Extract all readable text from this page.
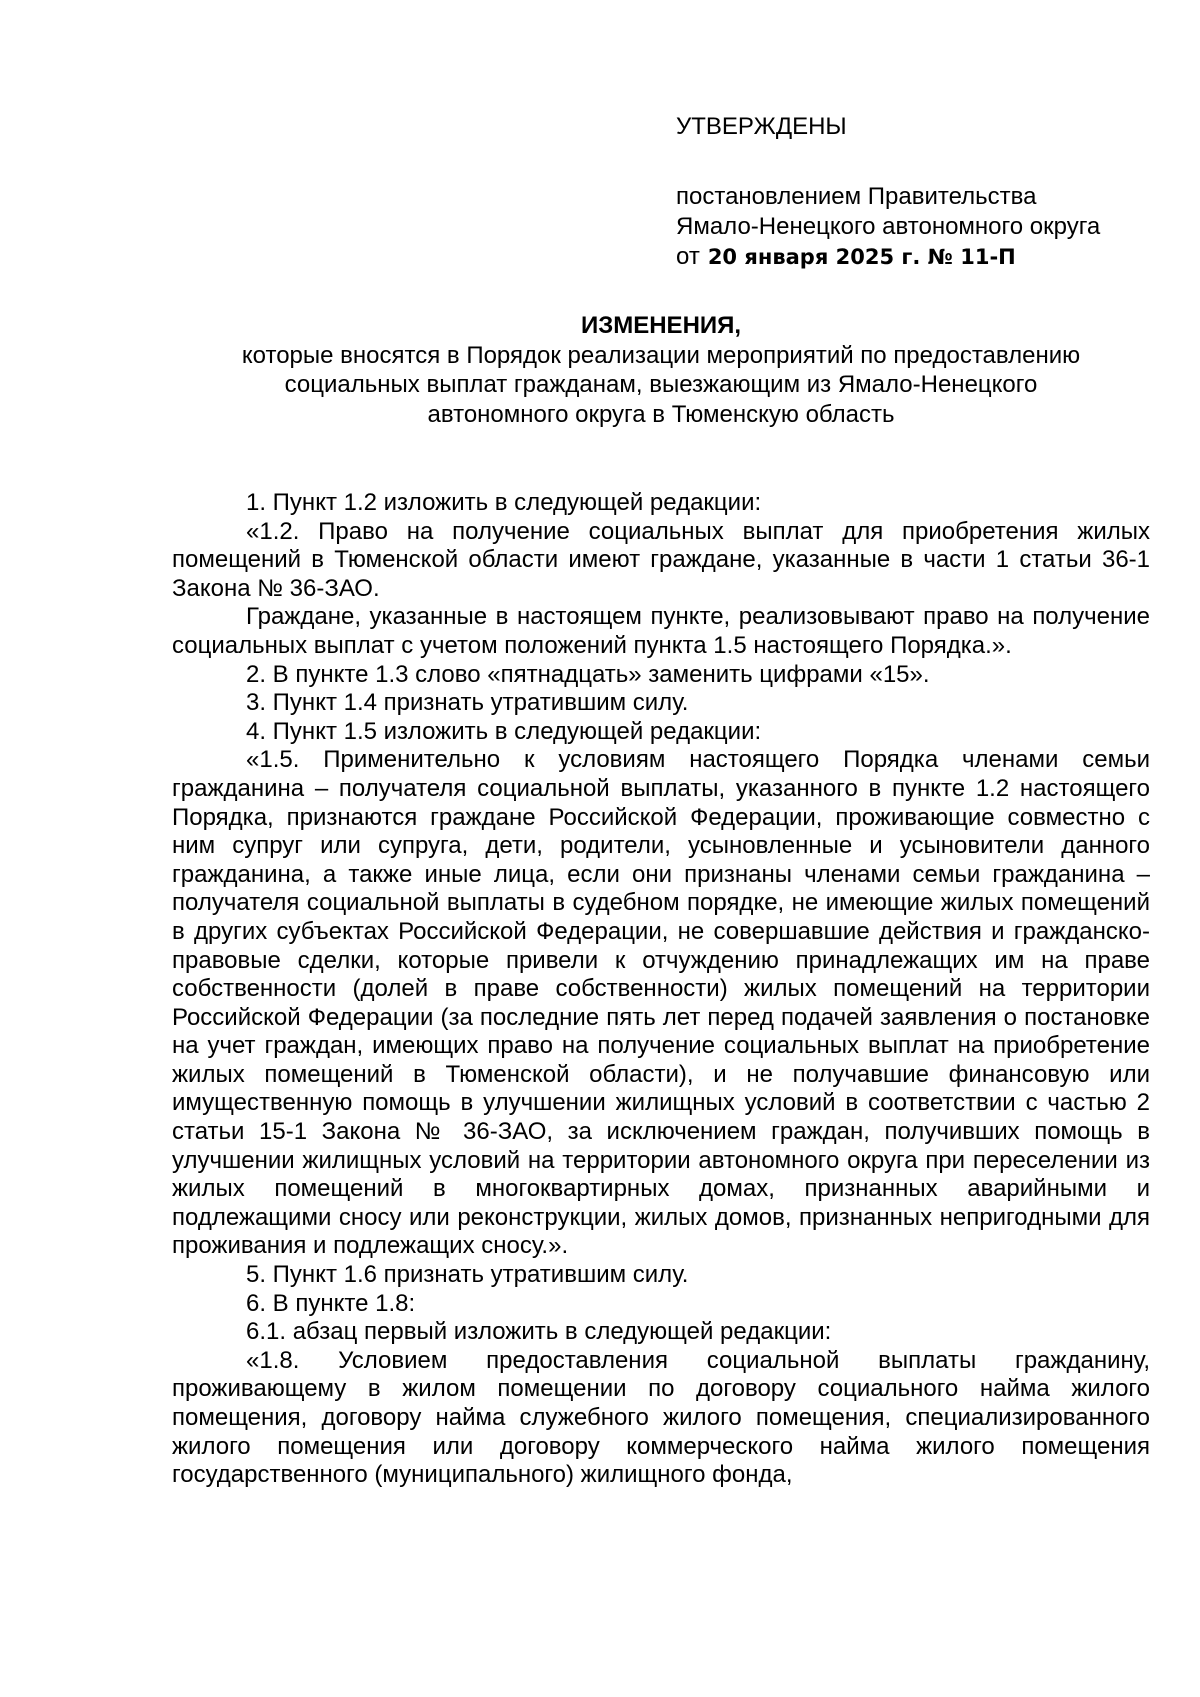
УТВЕРЖДЕНЫ
постановлением Правительства
Ямало-Ненецкого автономного округа
от 20 января 2025 г. № 11-П
ИЗМЕНЕНИЯ,
которые вносятся в Порядок реализации мероприятий по предоставлению
социальных выплат гражданам, выезжающим из Ямало-Ненецкого
автономного округа в Тюменскую область

1. Пункт 1.2 изложить в следующей редакции:

«1.2. Право на получение социальных выплат для приобретения жилых помещений в Тюменской области имеют граждане, указанные в части 1 статьи 36-1 Закона № 36-ЗАО.

Граждане, указанные в настоящем пункте, реализовывают право на получение социальных выплат с учетом положений пункта 1.5 настоящего Порядка.».

2. В пункте 1.3 слово «пятнадцать» заменить цифрами «15».

3. Пункт 1.4 признать утратившим силу.

4. Пункт 1.5 изложить в следующей редакции:

«1.5. Применительно к условиям настоящего Порядка членами семьи гражданина – получателя социальной выплаты, указанного в пункте 1.2 настоящего Порядка, признаются граждане Российской Федерации, проживающие совместно с ним супруг или супруга, дети, родители, усыновленные и усыновители данного гражданина, а также иные лица, если они признаны членами семьи гражданина – получателя социальной выплаты в судебном порядке, не имеющие жилых помещений в других субъектах Российской Федерации, не совершавшие действия и гражданско-правовые сделки, которые привели к отчуждению принадлежащих им на праве собственности (долей в праве собственности) жилых помещений на территории Российской Федерации (за последние пять лет перед подачей заявления о постановке на учет граждан, имеющих право на получение социальных выплат на приобретение жилых помещений в Тюменской области), и не получавшие финансовую или имущественную помощь в улучшении жилищных условий в соответствии с частью 2 статьи 15-1 Закона № 36-ЗАО, за исключением граждан, получивших помощь в улучшении жилищных условий на территории автономного округа при переселении из жилых помещений в многоквартирных домах, признанных аварийными и подлежащими сносу или реконструкции, жилых домов, признанных непригодными для проживания и подлежащих сносу.».

5. Пункт 1.6 признать утратившим силу.

6. В пункте 1.8:

6.1. абзац первый изложить в следующей редакции:

«1.8. Условием предоставления социальной выплаты гражданину, проживающему в жилом помещении по договору социального найма жилого помещения, договору найма служебного жилого помещения, специализированного жилого помещения или договору коммерческого найма жилого помещения государственного (муниципального) жилищного фонда,
